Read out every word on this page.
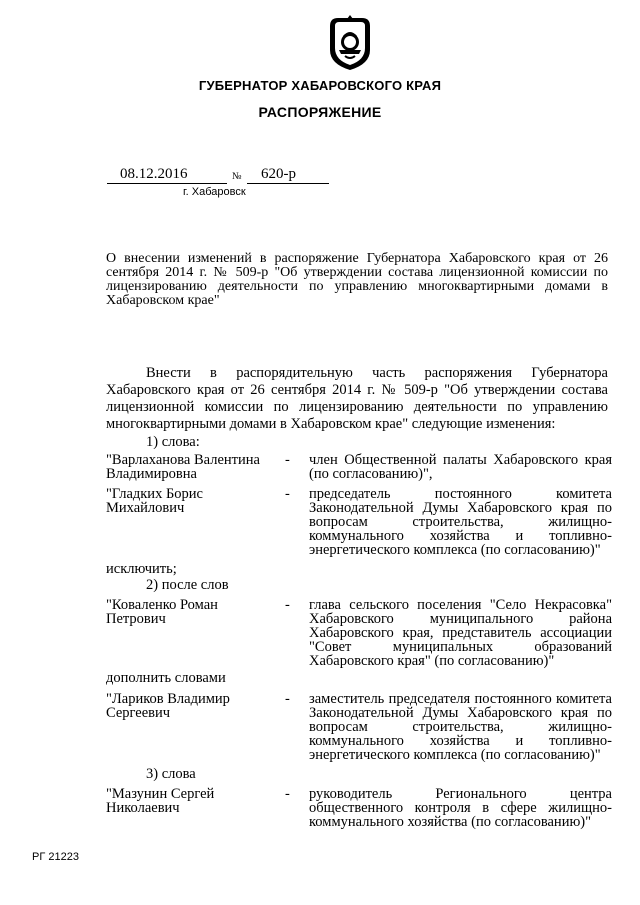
ГУБЕРНАТОР ХАБАРОВСКОГО КРАЯ
РАСПОРЯЖЕНИЕ
08.12.2016	№ 620-р
г. Хабаровск
О внесении изменений в распоряжение Губернатора Хабаровского края от 26 сентября 2014 г. № 509-р "Об утверждении состава лицензионной комиссии по лицензированию деятельности по управлению многоквартирными домами в Хабаровском крае"
Внести в распорядительную часть распоряжения Губернатора Хабаровского края от 26 сентября 2014 г. № 509-р "Об утверждении состава лицензионной комиссии по лицензированию деятельности по управлению многоквартирными домами в Хабаровском крае" следующие изменения:
1) слова:
"Варлаханова Валентина Владимировна
- член Общественной палаты Хабаровского края (по согласованию)",
"Гладких Борис Михайлович
- председатель постоянного комитета Законодательной Думы Хабаровского края по вопросам строительства, жилищно-коммунального хозяйства и топливно-энергетического комплекса (по согласованию)"
исключить;
2) после слов
"Коваленко Роман Петрович
- глава сельского поселения "Село Некрасовка" Хабаровского муниципального района Хабаровского края, представитель ассоциации "Совет муниципальных образований Хабаровского края" (по согласованию)"
дополнить словами
"Лариков Владимир Сергеевич
- заместитель председателя постоянного комитета Законодательной Думы Хабаровского края по вопросам строительства, жилищно-коммунального хозяйства и топливно-энергетического комплекса (по согласованию)"
3) слова
"Мазунин Сергей Николаевич
- руководитель Регионального центра общественного контроля в сфере жилищно-коммунального хозяйства (по согласованию)"
РГ 21223
